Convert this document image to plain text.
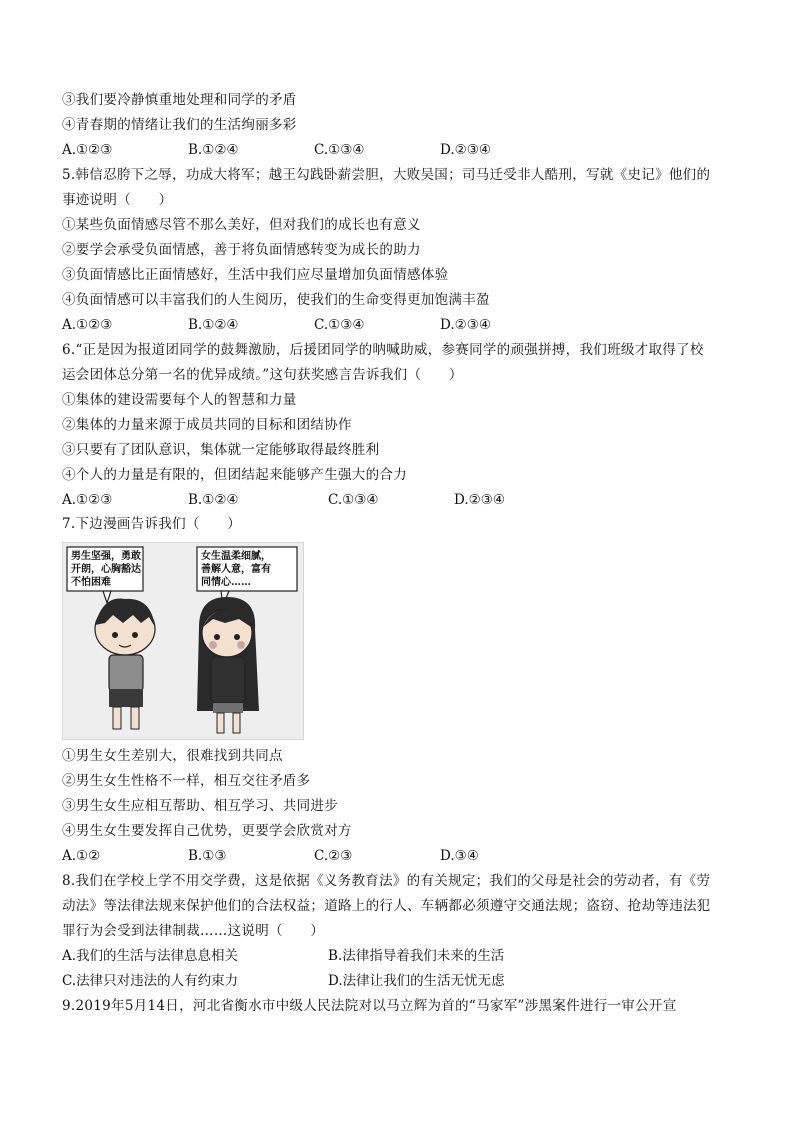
③我们要冷静慎重地处理和同学的矛盾
④青春期的情绪让我们的生活绚丽多彩
A.①②③	B.①②④	C.①③④	D.②③④
5.韩信忍胯下之辱，功成大将军；越王勾践卧薪尝胆，大败吴国；司马迁受非人酷刑，写就《史记》他们的
事迹说明（　　）
①某些负面情感尽管不那么美好，但对我们的成长也有意义
②要学会承受负面情感，善于将负面情感转变为成长的助力
③负面情感比正面情感好，生活中我们应尽量增加负面情感体验
④负面情感可以丰富我们的人生阅历，使我们的生命变得更加饱满丰盈
A.①②③	B.①②④	C.①③④	D.②③④
6.“正是因为报道团同学的鼓舞激励，后援团同学的呐喊助威，参赛同学的顽强拼搏，我们班级才取得了校
运会团体总分第一名的优异成绩。”这句获奖感言告诉我们（　　）
①集体的建设需要每个人的智慧和力量
②集体的力量来源于成员共同的目标和团结协作
③只要有了团队意识，集体就一定能够取得最终胜利
④个人的力量是有限的，但团结起来能够产生强大的合力
A.①②③	B.①②④	C.①③④	D.②③④
7.下边漫画告诉我们（　　）
男生坚强，勇敢
开朗，心胸豁达
不怕困难
女生温柔细腻，
善解人意，富有
同情心……
①男生女生差别大，很难找到共同点
②男生女生性格不一样，相互交往矛盾多
③男生女生应相互帮助、相互学习、共同进步
④男生女生要发挥自己优势，更要学会欣赏对方
A.①②	B.①③	C.②③	D.③④
8.我们在学校上学不用交学费，这是依据《义务教育法》的有关规定；我们的父母是社会的劳动者，有《劳
动法》等法律法规来保护他们的合法权益；道路上的行人、车辆都必须遵守交通法规；盗窃、抢劫等违法犯
罪行为会受到法律制裁……这说明（　　）
A.我们的生活与法律息息相关	B.法律指导着我们未来的生活
C.法律只对违法的人有约束力	D.法律让我们的生活无忧无虑
9.2019年5月14日，河北省衡水市中级人民法院对以马立辉为首的“马家军”涉黑案件进行一审公开宣
